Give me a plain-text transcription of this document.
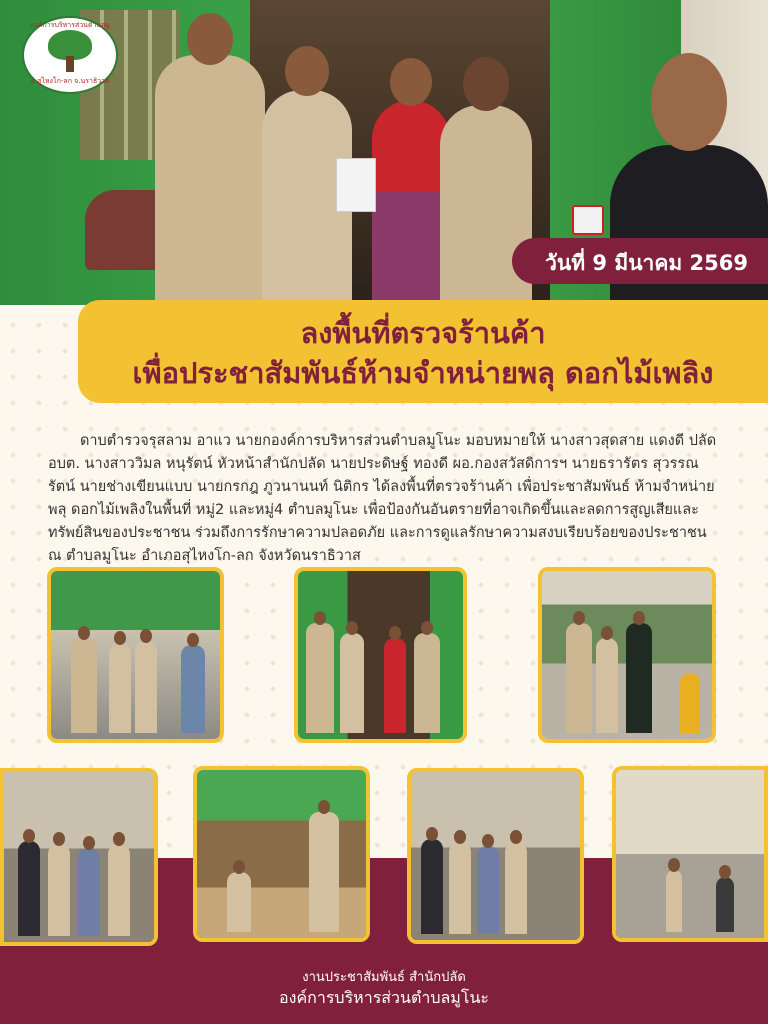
องค์การบริหารส่วนตำบลมู
อ.สุไหงโก-ลก จ.นราธิวาส
วันที่ 9 มีนาคม 2569
ลงพื้นที่ตรวจร้านค้า
เพื่อประชาสัมพันธ์ห้ามจำหน่ายพลุ ดอกไม้เพลิง
ดาบตำรวจรุสลาม อาแว นายกองค์การบริหารส่วนตำบลมูโนะ มอบหมายให้ นางสาวสุดสาย แดงดี ปลัดอบต. นางสาววิมล หนุรัตน์ หัวหน้าสำนักปลัด นายประดิษฐ์ ทองดี ผอ.กองสวัสดิการฯ นายธรารัตร สุวรรณรัตน์ นายช่างเขียนแบบ นายกรกฎ ภูวนานนท์ นิติกร ได้ลงพื้นที่ตรวจร้านค้า เพื่อประชาสัมพันธ์ ห้ามจำหน่ายพลุ ดอกไม้เพลิงในพื้นที่ หมู่2 และหมู่4 ตำบลมูโนะ เพื่อป้องกันอันตรายที่อาจเกิดขึ้นและลดการสูญเสียและทรัพย์สินของประชาชน ร่วมถึงการรักษาความปลอดภัย และการดูแลรักษาความสงบเรียบร้อยของประชาชน ณ ตำบลมูโนะ อำเภอสุไหงโก-ลก จังหวัดนราธิวาส
งานประชาสัมพันธ์ สำนักปลัด
องค์การบริหารส่วนตำบลมูโนะ
